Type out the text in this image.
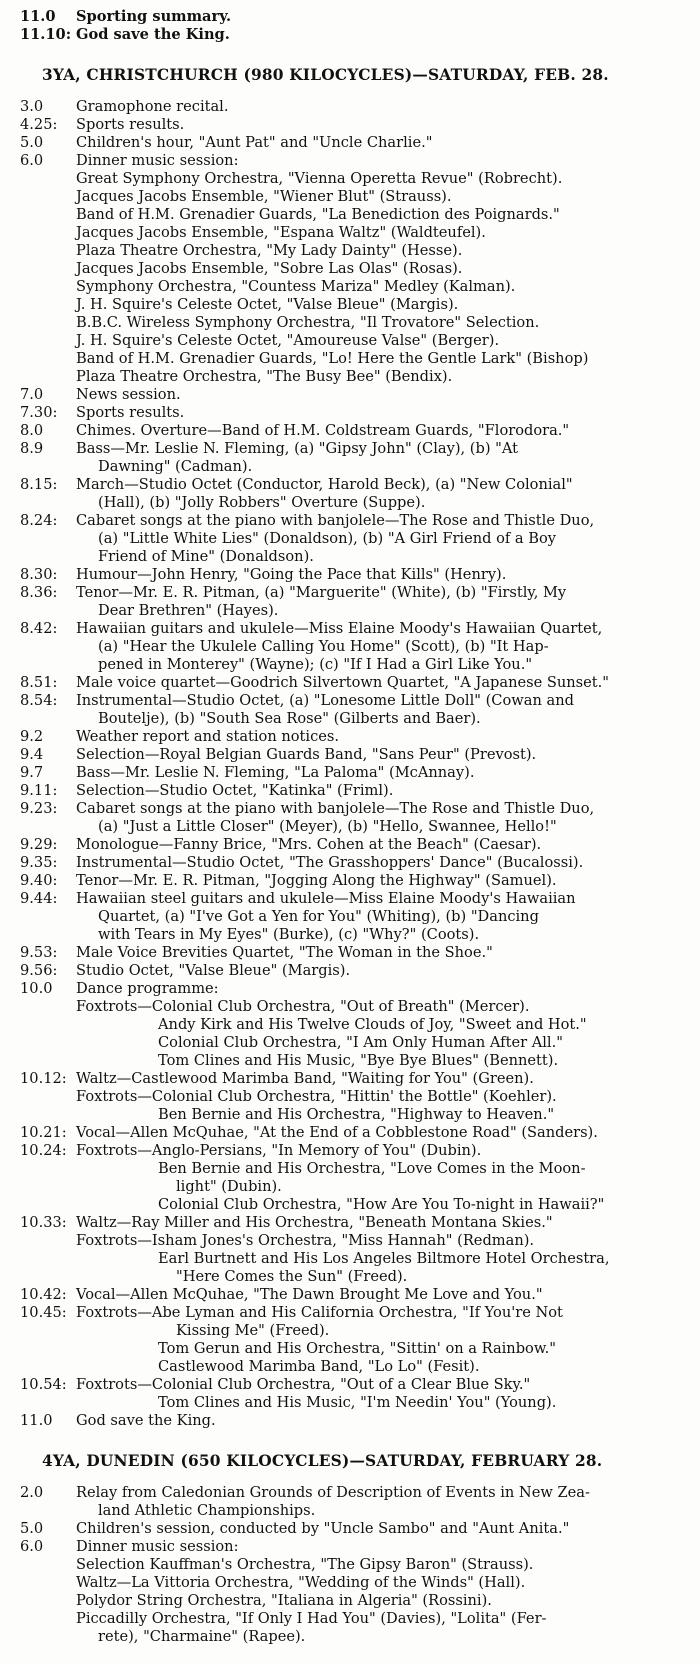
11.0	Sporting summary.
11.10: God save the King.
3YA, CHRISTCHURCH (980 KILOCYCLES)—SATURDAY, FEB. 28.
3.0	Gramophone recital.
4.25:	Sports results.
5.0	Children's hour, "Aunt Pat" and "Uncle Charlie."
6.0	Dinner music session:
Great Symphony Orchestra, "Vienna Operetta Revue" (Robrecht).
Jacques Jacobs Ensemble, "Wiener Blut" (Strauss).
Band of H.M. Grenadier Guards, "La Benediction des Poignards."
Jacques Jacobs Ensemble, "Espana Waltz" (Waldteufel).
Plaza Theatre Orchestra, "My Lady Dainty" (Hesse).
Jacques Jacobs Ensemble, "Sobre Las Olas" (Rosas).
Symphony Orchestra, "Countess Mariza" Medley (Kalman).
J. H. Squire's Celeste Octet, "Valse Bleue" (Margis).
B.B.C. Wireless Symphony Orchestra, "Il Trovatore" Selection.
J. H. Squire's Celeste Octet, "Amoureuse Valse" (Berger).
Band of H.M. Grenadier Guards, "Lo! Here the Gentle Lark" (Bishop)
Plaza Theatre Orchestra, "The Busy Bee" (Bendix).
7.0	News session.
7.30:	Sports results.
8.0	Chimes. Overture—Band of H.M. Coldstream Guards, "Florodora."
8.9	Bass—Mr. Leslie N. Fleming, (a) "Gipsy John" (Clay), (b) "At
Dawning" (Cadman).
8.15:	March—Studio Octet (Conductor, Harold Beck), (a) "New Colonial"
(Hall), (b) "Jolly Robbers" Overture (Suppe).
8.24:	Cabaret songs at the piano with banjolele—The Rose and Thistle Duo,
(a) "Little White Lies" (Donaldson), (b) "A Girl Friend of a Boy
Friend of Mine" (Donaldson).
8.30:	Humour—John Henry, "Going the Pace that Kills" (Henry).
8.36:	Tenor—Mr. E. R. Pitman, (a) "Marguerite" (White), (b) "Firstly, My
Dear Brethren" (Hayes).
8.42:	Hawaiian guitars and ukulele—Miss Elaine Moody's Hawaiian Quartet,
(a) "Hear the Ukulele Calling You Home" (Scott), (b) "It Hap-
pened in Monterey" (Wayne); (c) "If I Had a Girl Like You."
8.51:	Male voice quartet—Goodrich Silvertown Quartet, "A Japanese Sunset."
8.54:	Instrumental—Studio Octet, (a) "Lonesome Little Doll" (Cowan and
Boutelje), (b) "South Sea Rose" (Gilberts and Baer).
9.2	Weather report and station notices.
9.4	Selection—Royal Belgian Guards Band, "Sans Peur" (Prevost).
9.7	Bass—Mr. Leslie N. Fleming, "La Paloma" (McAnnay).
9.11:	Selection—Studio Octet, "Katinka" (Friml).
9.23:	Cabaret songs at the piano with banjolele—The Rose and Thistle Duo,
(a) "Just a Little Closer" (Meyer), (b) "Hello, Swannee, Hello!"
9.29:	Monologue—Fanny Brice, "Mrs. Cohen at the Beach" (Caesar).
9.35:	Instrumental—Studio Octet, "The Grasshoppers' Dance" (Bucalossi).
9.40:	Tenor—Mr. E. R. Pitman, "Jogging Along the Highway" (Samuel).
9.44:	Hawaiian steel guitars and ukulele—Miss Elaine Moody's Hawaiian
Quartet, (a) "I've Got a Yen for You" (Whiting), (b) "Dancing
with Tears in My Eyes" (Burke), (c) "Why?" (Coots).
9.53:	Male Voice Brevities Quartet, "The Woman in the Shoe."
9.56:	Studio Octet, "Valse Bleue" (Margis).
10.0	Dance programme:
Foxtrots—Colonial Club Orchestra, "Out of Breath" (Mercer).
Andy Kirk and His Twelve Clouds of Joy, "Sweet and Hot."
Colonial Club Orchestra, "I Am Only Human After All."
Tom Clines and His Music, "Bye Bye Blues" (Bennett).
10.12: Waltz—Castlewood Marimba Band, "Waiting for You" (Green).
Foxtrots—Colonial Club Orchestra, "Hittin' the Bottle" (Koehler).
Ben Bernie and His Orchestra, "Highway to Heaven."
10.21: Vocal—Allen McQuhae, "At the End of a Cobblestone Road" (Sanders).
10.24: Foxtrots—Anglo-Persians, "In Memory of You" (Dubin).
Ben Bernie and His Orchestra, "Love Comes in the Moon-
light" (Dubin).
Colonial Club Orchestra, "How Are You To-night in Hawaii?"
10.33: Waltz—Ray Miller and His Orchestra, "Beneath Montana Skies."
Foxtrots—Isham Jones's Orchestra, "Miss Hannah" (Redman).
Earl Burtnett and His Los Angeles Biltmore Hotel Orchestra,
"Here Comes the Sun" (Freed).
10.42: Vocal—Allen McQuhae, "The Dawn Brought Me Love and You."
10.45: Foxtrots—Abe Lyman and His California Orchestra, "If You're Not
Kissing Me" (Freed).
Tom Gerun and His Orchestra, "Sittin' on a Rainbow."
Castlewood Marimba Band, "Lo Lo" (Fesit).
10.54: Foxtrots—Colonial Club Orchestra, "Out of a Clear Blue Sky."
Tom Clines and His Music, "I'm Needin' You" (Young).
11.0	God save the King.
4YA, DUNEDIN (650 KILOCYCLES)—SATURDAY, FEBRUARY 28.
2.0	Relay from Caledonian Grounds of Description of Events in New Zea-
land Athletic Championships.
5.0	Children's session, conducted by "Uncle Sambo" and "Aunt Anita."
6.0	Dinner music session:
Selection Kauffman's Orchestra, "The Gipsy Baron" (Strauss).
Waltz—La Vittoria Orchestra, "Wedding of the Winds" (Hall).
Polydor String Orchestra, "Italiana in Algeria" (Rossini).
Piccadilly Orchestra, "If Only I Had You" (Davies), "Lolita" (Fer-
rete), "Charmaine" (Rapee).
